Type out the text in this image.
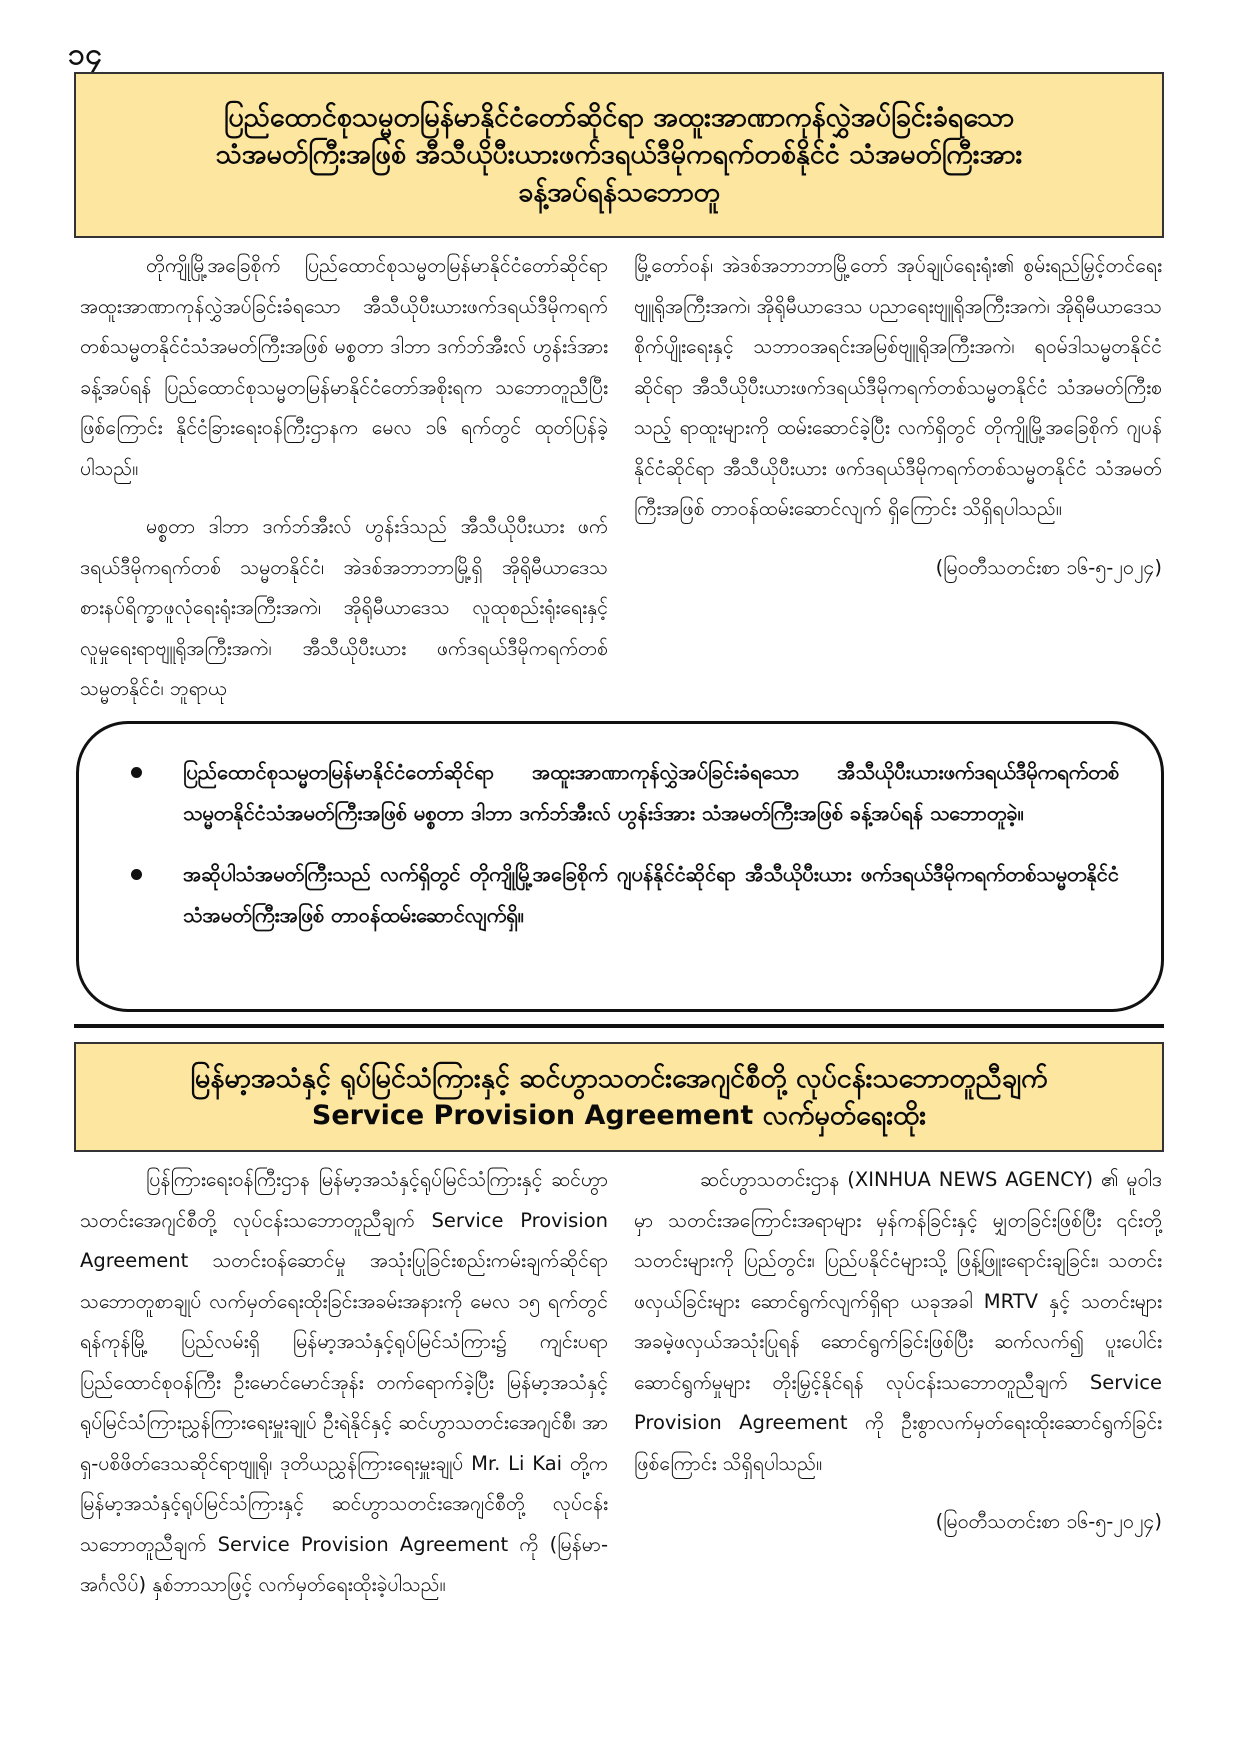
၁၄
ပြည်ထောင်စုသမ္မတမြန်မာနိုင်ငံတော်ဆိုင်ရာ အထူးအာဏာကုန်လွှဲအပ်ခြင်းခံရသော
သံအမတ်ကြီးအဖြစ် အီသီယိုပီးယားဖက်ဒရယ်ဒီမိုကရက်တစ်နိုင်ငံ သံအမတ်ကြီးအား
ခန့်အပ်ရန်သဘောတူ

တိုကျိုမြို့အခြေစိုက် ပြည်ထောင်စုသမ္မတမြန်မာနိုင်ငံတော်ဆိုင်ရာ အထူးအာဏာကုန်လွှဲအပ်ခြင်းခံရသော အီသီယိုပီးယားဖက်ဒရယ်ဒီမိုကရက်တစ်သမ္မတနိုင်ငံသံအမတ်ကြီးအဖြစ် မစ္စတာ ဒါဘာ ဒက်ဘ်အီးလ် ဟွန်းဒ်အား ခန့်အပ်ရန် ပြည်ထောင်စုသမ္မတမြန်မာနိုင်ငံတော်အစိုးရက သဘောတူညီပြီးဖြစ်ကြောင်း နိုင်ငံခြားရေးဝန်ကြီးဌာနက မေလ ၁၆ ရက်တွင် ထုတ်ပြန်ခဲ့ ပါသည်။

မစ္စတာ ဒါဘာ ဒက်ဘ်အီးလ် ဟွန်းဒ်သည် အီသီယိုပီးယား ဖက်ဒရယ်ဒီမိုကရက်တစ် သမ္မတနိုင်ငံ၊ အဲဒစ်အဘာဘာမြို့ရှိ အိုရိုမီယာဒေသ စားနပ်ရိက္ခာဖူလုံရေးရုံးအကြီးအကဲ၊ အိုရိုမီယာဒေသ လူထုစည်းရုံးရေးနှင့် လူမှုရေးရာဗျူရိုအကြီးအကဲ၊ အီသီယိုပီးယား ဖက်ဒရယ်ဒီမိုကရက်တစ်သမ္မတနိုင်ငံ၊ ဘူရာယု

မြို့တော်ဝန်၊ အဲဒစ်အဘာဘာမြို့တော် အုပ်ချုပ်ရေးရုံး၏ စွမ်းရည်မြှင့်တင်ရေးဗျူရိုအကြီးအကဲ၊ အိုရိုမီယာဒေသ ပညာရေးဗျူရိုအကြီးအကဲ၊ အိုရိုမီယာဒေသ စိုက်ပျိုးရေးနှင့် သဘာဝအရင်းအမြစ်ဗျူရိုအကြီးအကဲ၊ ရဝမ်ဒါသမ္မတနိုင်ငံဆိုင်ရာ အီသီယိုပီးယားဖက်ဒရယ်ဒီမိုကရက်တစ်သမ္မတနိုင်ငံ သံအမတ်ကြီးစသည့် ရာထူးများကို ထမ်းဆောင်ခဲ့ပြီး လက်ရှိတွင် တိုကျိုမြို့အခြေစိုက် ဂျပန်နိုင်ငံဆိုင်ရာ အီသီယိုပီးယား ဖက်ဒရယ်ဒီမိုကရက်တစ်သမ္မတနိုင်ငံ သံအမတ်ကြီးအဖြစ် တာဝန်ထမ်းဆောင်လျက် ရှိကြောင်း သိရှိရပါသည်။

(မြဝတီသတင်းစာ ၁၆-၅-၂၀၂၄)

ပြည်ထောင်စုသမ္မတမြန်မာနိုင်ငံတော်ဆိုင်ရာ အထူးအာဏာကုန်လွှဲအပ်ခြင်းခံရသော အီသီယိုပီးယားဖက်ဒရယ်ဒီမိုကရက်တစ်သမ္မတနိုင်ငံသံအမတ်ကြီးအဖြစ် မစ္စတာ ဒါဘာ ဒက်ဘ်အီးလ် ဟွန်းဒ်အား သံအမတ်ကြီးအဖြစ် ခန့်အပ်ရန် သဘောတူခဲ့။
အဆိုပါသံအမတ်ကြီးသည် လက်ရှိတွင် တိုကျိုမြို့အခြေစိုက် ဂျပန်နိုင်ငံဆိုင်ရာ အီသီယိုပီးယား ဖက်ဒရယ်ဒီမိုကရက်တစ်သမ္မတနိုင်ငံ သံအမတ်ကြီးအဖြစ် တာဝန်ထမ်းဆောင်လျက်ရှိ။
မြန်မာ့အသံနှင့် ရုပ်မြင်သံကြားနှင့် ဆင်ဟွာသတင်းအေဂျင်စီတို့ လုပ်ငန်းသဘောတူညီချက်
Service Provision Agreement လက်မှတ်ရေးထိုး

ပြန်ကြားရေးဝန်ကြီးဌာန မြန်မာ့အသံနှင့်ရုပ်မြင်သံကြားနှင့် ဆင်ဟွာသတင်းအေဂျင်စီတို့ လုပ်ငန်းသဘောတူညီချက် Service Provision Agreement သတင်းဝန်ဆောင်မှု အသုံးပြုခြင်းစည်းကမ်းချက်ဆိုင်ရာသဘောတူစာချုပ် လက်မှတ်ရေးထိုးခြင်းအခမ်းအနားကို မေလ ၁၅ ရက်တွင် ရန်ကုန်မြို့ ပြည်လမ်းရှိ မြန်မာ့အသံနှင့်ရုပ်မြင်သံကြား၌ ကျင်းပရာ ပြည်ထောင်စုဝန်ကြီး ဦးမောင်မောင်အုန်း တက်ရောက်ခဲ့ပြီး မြန်မာ့အသံနှင့် ရုပ်မြင်သံကြားညွှန်ကြားရေးမှူးချုပ် ဦးရဲနိုင်နှင့် ဆင်ဟွာသတင်းအေဂျင်စီ၊ အာရှ-ပစိဖိတ်ဒေသဆိုင်ရာဗျူရို၊ ဒုတိယညွှန်ကြားရေးမှူးချုပ် Mr. Li Kai တို့က မြန်မာ့အသံနှင့်ရုပ်မြင်သံကြားနှင့် ဆင်ဟွာသတင်းအေဂျင်စီတို့ လုပ်ငန်းသဘောတူညီချက် Service Provision Agreement ကို (မြန်မာ-အင်္ဂလိပ်) နှစ်ဘာသာဖြင့် လက်မှတ်ရေးထိုးခဲ့ပါသည်။

ဆင်ဟွာသတင်းဌာန (XINHUA NEWS AGENCY) ၏ မူဝါဒမှာ သတင်းအကြောင်းအရာများ မှန်ကန်ခြင်းနှင့် မျှတခြင်းဖြစ်ပြီး ၎င်းတို့သတင်းများကို ပြည်တွင်း၊ ပြည်ပနိုင်ငံများသို့ ဖြန့်ဖြူးရောင်းချခြင်း၊ သတင်းဖလှယ်ခြင်းများ ဆောင်ရွက်လျက်ရှိရာ ယခုအခါ MRTV နှင့် သတင်းများ အခမဲ့ဖလှယ်အသုံးပြုရန် ဆောင်ရွက်ခြင်းဖြစ်ပြီး ဆက်လက်၍ ပူးပေါင်းဆောင်ရွက်မှုများ တိုးမြှင့်နိုင်ရန် လုပ်ငန်းသဘောတူညီချက် Service Provision Agreement ကို ဦးစွာလက်မှတ်ရေးထိုးဆောင်ရွက်ခြင်းဖြစ်ကြောင်း သိရှိရပါသည်။

(မြဝတီသတင်းစာ ၁၆-၅-၂၀၂၄)
